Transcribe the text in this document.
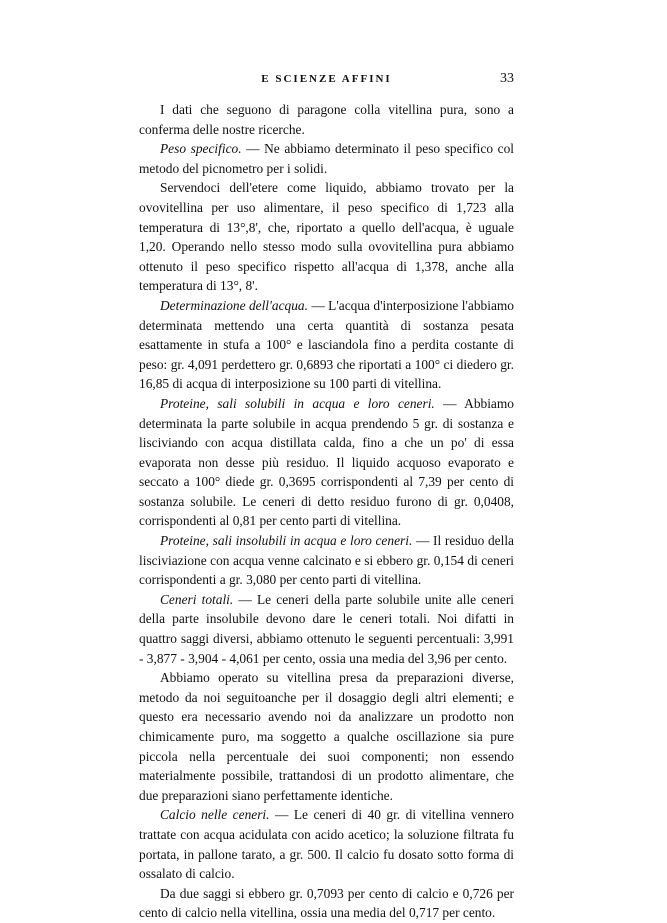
E SCIENZE AFFINI	33

I dati che seguono di paragone colla vitellina pura, sono a conferma delle nostre ricerche.

Peso specifico. — Ne abbiamo determinato il peso specifico col metodo del picnometro per i solidi.

Servendoci dell'etere come liquido, abbiamo trovato per la ovovitellina per uso alimentare, il peso specifico di 1,723 alla temperatura di 13°,8', che, riportato a quello dell'acqua, è uguale 1,20. Operando nello stesso modo sulla ovovitellina pura abbiamo ottenuto il peso specifico rispetto all'acqua di 1,378, anche alla temperatura di 13°, 8'.

Determinazione dell'acqua. — L'acqua d'interposizione l'abbiamo determinata mettendo una certa quantità di sostanza pesata esattamente in stufa a 100° e lasciandola fino a perdita costante di peso: gr. 4,091 perdettero gr. 0,6893 che riportati a 100° ci diedero gr. 16,85 di acqua di interposizione su 100 parti di vitellina.

Proteine, sali solubili in acqua e loro ceneri. — Abbiamo determinata la parte solubile in acqua prendendo 5 gr. di sostanza e lisciviando con acqua distillata calda, fino a che un po' di essa evaporata non desse più residuo. Il liquido acquoso evaporato e seccato a 100° diede gr. 0,3695 corrispondenti al 7,39 per cento di sostanza solubile. Le ceneri di detto residuo furono di gr. 0,0408, corrispondenti al 0,81 per cento parti di vitellina.

Proteine, sali insolubili in acqua e loro ceneri. — Il residuo della lisciviazione con acqua venne calcinato e si ebbero gr. 0,154 di ceneri corrispondenti a gr. 3,080 per cento parti di vitellina.

Ceneri totali. — Le ceneri della parte solubile unite alle ceneri della parte insolubile devono dare le ceneri totali. Noi difatti in quattro saggi diversi, abbiamo ottenuto le seguenti percentuali: 3,991 - 3,877 - 3,904 - 4,061 per cento, ossia una media del 3,96 per cento.

Abbiamo operato su vitellina presa da preparazioni diverse, metodo da noi seguitoanche per il dosaggio degli altri elementi; e questo era necessario avendo noi da analizzare un prodotto non chimicamente puro, ma soggetto a qualche oscillazione sia pure piccola nella percentuale dei suoi componenti; non essendo materialmente possibile, trattandosi di un prodotto alimentare, che due preparazioni siano perfettamente identiche.

Calcio nelle ceneri. — Le ceneri di 40 gr. di vitellina vennero trattate con acqua acidulata con acido acetico; la soluzione filtrata fu portata, in pallone tarato, a gr. 500. Il calcio fu dosato sotto forma di ossalato di calcio.

Da due saggi si ebbero gr. 0,7093 per cento di calcio e 0,726 per cento di calcio nella vitellina, ossia una media del 0,717 per cento.
